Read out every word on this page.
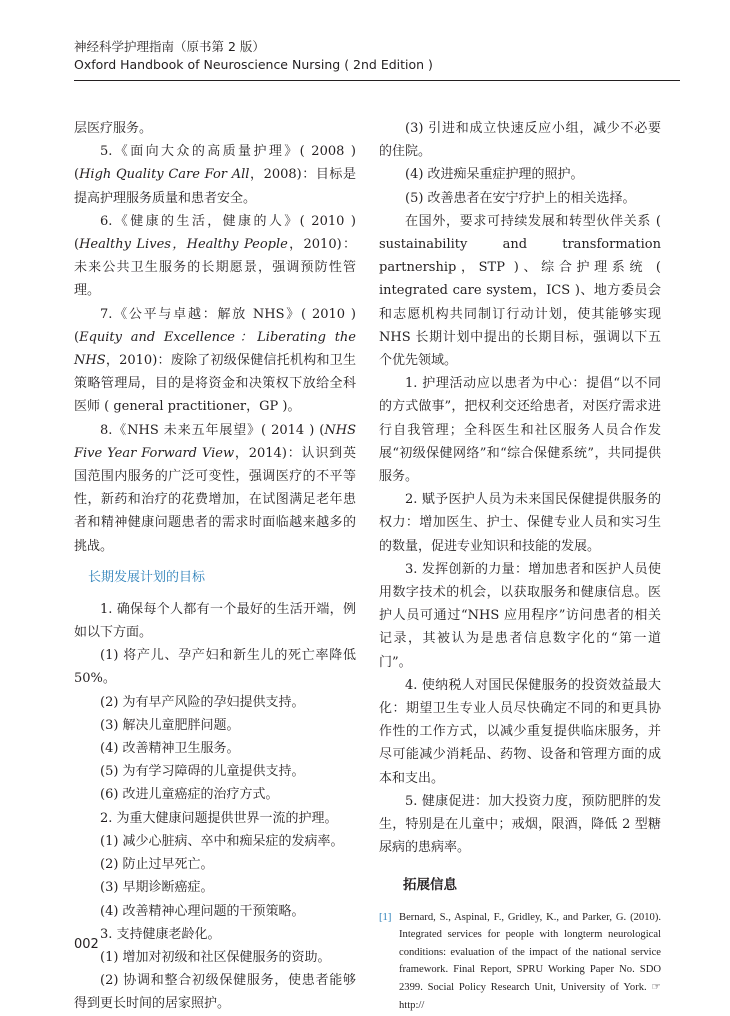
神经科学护理指南（原书第 2 版）
Oxford Handbook of Neuroscience Nursing ( 2nd Edition )

层医疗服务。

5.《面向大众的高质量护理》( 2008 ) (High Quality Care For All，2008)：目标是提高护理服务质量和患者安全。

6.《健康的生活，健康的人》( 2010 ) (Healthy Lives，Healthy People，2010)：未来公共卫生服务的长期愿景，强调预防性管理。

7.《公平与卓越：解放 NHS》( 2010 ) (Equity and Excellence：Liberating the NHS，2010)：废除了初级保健信托机构和卫生策略管理局，目的是将资金和决策权下放给全科医师 ( general practitioner，GP )。

8.《NHS 未来五年展望》( 2014 ) (NHS Five Year Forward View，2014)：认识到英国范围内服务的广泛可变性，强调医疗的不平等性，新药和治疗的花费增加，在试图满足老年患者和精神健康问题患者的需求时面临越来越多的挑战。

长期发展计划的目标

1. 确保每个人都有一个最好的生活开端，例如以下方面。

(1) 将产儿、孕产妇和新生儿的死亡率降低 50%。

(2) 为有早产风险的孕妇提供支持。

(3) 解决儿童肥胖问题。

(4) 改善精神卫生服务。

(5) 为有学习障碍的儿童提供支持。

(6) 改进儿童癌症的治疗方式。

2. 为重大健康问题提供世界一流的护理。

(1) 减少心脏病、卒中和痴呆症的发病率。

(2) 防止过早死亡。

(3) 早期诊断癌症。

(4) 改善精神心理问题的干预策略。

3. 支持健康老龄化。

(1) 增加对初级和社区保健服务的资助。

(2) 协调和整合初级保健服务，使患者能够得到更长时间的居家照护。

(3) 引进和成立快速反应小组，减少不必要的住院。

(4) 改进痴呆重症护理的照护。

(5) 改善患者在安宁疗护上的相关选择。

在国外，要求可持续发展和转型伙伴关系 ( sustainability and transformation partnership，STP )、综合护理系统 ( integrated care system，ICS )、地方委员会和志愿机构共同制订行动计划，使其能够实现 NHS 长期计划中提出的长期目标，强调以下五个优先领域。

1. 护理活动应以患者为中心：提倡“以不同的方式做事”，把权利交还给患者，对医疗需求进行自我管理；全科医生和社区服务人员合作发展“初级保健网络”和“综合保健系统”，共同提供服务。

2. 赋予医护人员为未来国民保健提供服务的权力：增加医生、护士、保健专业人员和实习生的数量，促进专业知识和技能的发展。

3. 发挥创新的力量：增加患者和医护人员使用数字技术的机会，以获取服务和健康信息。医护人员可通过“NHS 应用程序”访问患者的相关记录，其被认为是患者信息数字化的“第一道门”。

4. 使纳税人对国民保健服务的投资效益最大化：期望卫生专业人员尽快确定不同的和更具协作性的工作方式，以减少重复提供临床服务，并尽可能减少消耗品、药物、设备和管理方面的成本和支出。

5. 健康促进：加大投资力度，预防肥胖的发生，特别是在儿童中；戒烟，限酒，降低 2 型糖尿病的患病率。

拓展信息
[1] Bernard, S., Aspinal, F., Gridley, K., and Parker, G. (2010). Integrated services for people with longterm neurological conditions: evaluation of the impact of the national service framework. Final Report, SPRU Working Paper No. SDO 2399. Social Policy Research Unit, University of York. ☞ http://
002
